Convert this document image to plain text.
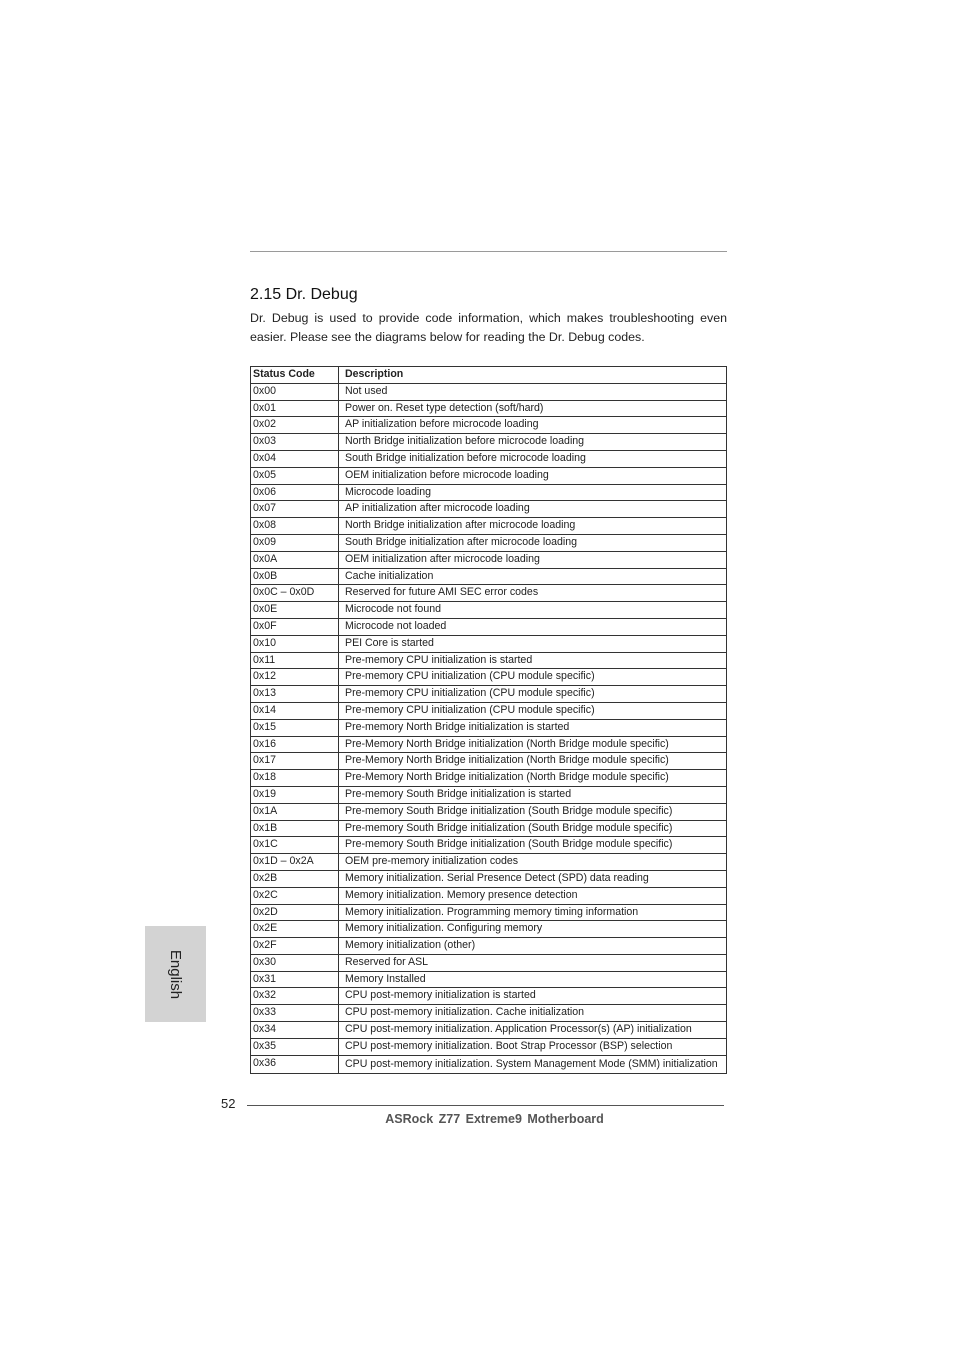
2.15 Dr. Debug

Dr. Debug is used to provide code information, which makes troubleshooting even easier. Please see the diagrams below for reading the Dr. Debug codes.

Status Code	Description
0x00	Not used
0x01	Power on. Reset type detection (soft/hard)
0x02	AP initialization before microcode loading
0x03	North Bridge initialization before microcode loading
0x04	South Bridge initialization before microcode loading
0x05	OEM initialization before microcode loading
0x06	Microcode loading
0x07	AP initialization after microcode loading
0x08	North Bridge initialization after microcode loading
0x09	South Bridge initialization after microcode loading
0x0A	OEM initialization after microcode loading
0x0B	Cache initialization
0x0C – 0x0D	Reserved for future AMI SEC error codes
0x0E	Microcode not found
0x0F	Microcode not loaded
0x10	PEI Core is started
0x11	Pre-memory CPU initialization is started
0x12	Pre-memory CPU initialization (CPU module specific)
0x13	Pre-memory CPU initialization (CPU module specific)
0x14	Pre-memory CPU initialization (CPU module specific)
0x15	Pre-memory North Bridge initialization is started
0x16	Pre-Memory North Bridge initialization (North Bridge module specific)
0x17	Pre-Memory North Bridge initialization (North Bridge module specific)
0x18	Pre-Memory North Bridge initialization (North Bridge module specific)
0x19	Pre-memory South Bridge initialization is started
0x1A	Pre-memory South Bridge initialization (South Bridge module specific)
0x1B	Pre-memory South Bridge initialization (South Bridge module specific)
0x1C	Pre-memory South Bridge initialization (South Bridge module specific)
0x1D – 0x2A	OEM pre-memory initialization codes
0x2B	Memory initialization. Serial Presence Detect (SPD) data reading
0x2C	Memory initialization. Memory presence detection
0x2D	Memory initialization. Programming memory timing information
0x2E	Memory initialization. Configuring memory
0x2F	Memory initialization (other)
0x30	Reserved for ASL
0x31	Memory Installed
0x32	CPU post-memory initialization is started
0x33	CPU post-memory initialization. Cache initialization
0x34	CPU post-memory initialization. Application Processor(s) (AP) initialization
0x35	CPU post-memory initialization. Boot Strap Processor (BSP) selection
0x36	CPU post-memory initialization. System Management Mode (SMM) initialization
English
52
ASRock Z77 Extreme9 Motherboard
